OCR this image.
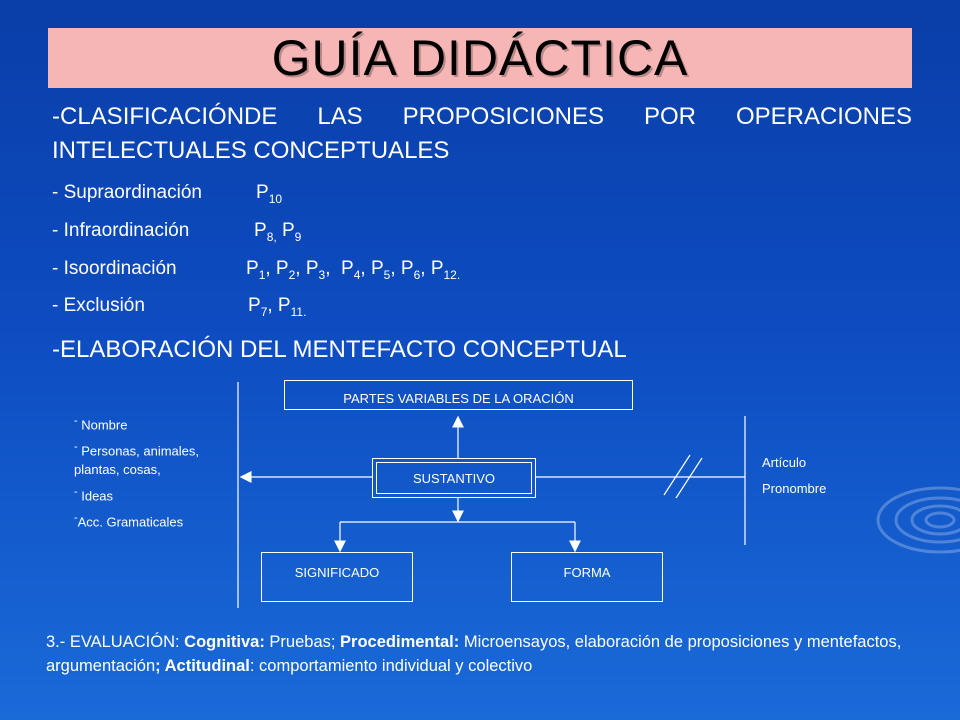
GUÍA DIDÁCTICA
-CLASIFICACIÓNDE LAS PROPOSICIONES POR OPERACIONES
INTELECTUALES CONCEPTUALES
- Supraordinación	$P_{10}$
- Infraordinación	$P_{8,}$ $P_9$
- Isoordinación	$P_1$, $P_2$, $P_3$,  $P_4$, $P_5$, $P_6$, $P_{12.}$
- Exclusión	$P_7$, $P_{11.}$
-ELABORACIÓN DEL MENTEFACTO CONCEPTUAL
PARTES VARIABLES DE LA ORACIÓN
SUSTANTIVO
SIGNIFICADO	FORMA
- Nombre
- Personas, animales, plantas, cosas,
- Ideas
-Acc. Gramaticales
Artículo
Pronombre
3.- EVALUACIÓN: Cognitiva: Pruebas; Procedimental: Microensayos, elaboración de proposiciones y mentefactos, argumentación; Actitudinal: comportamiento individual y colectivo
